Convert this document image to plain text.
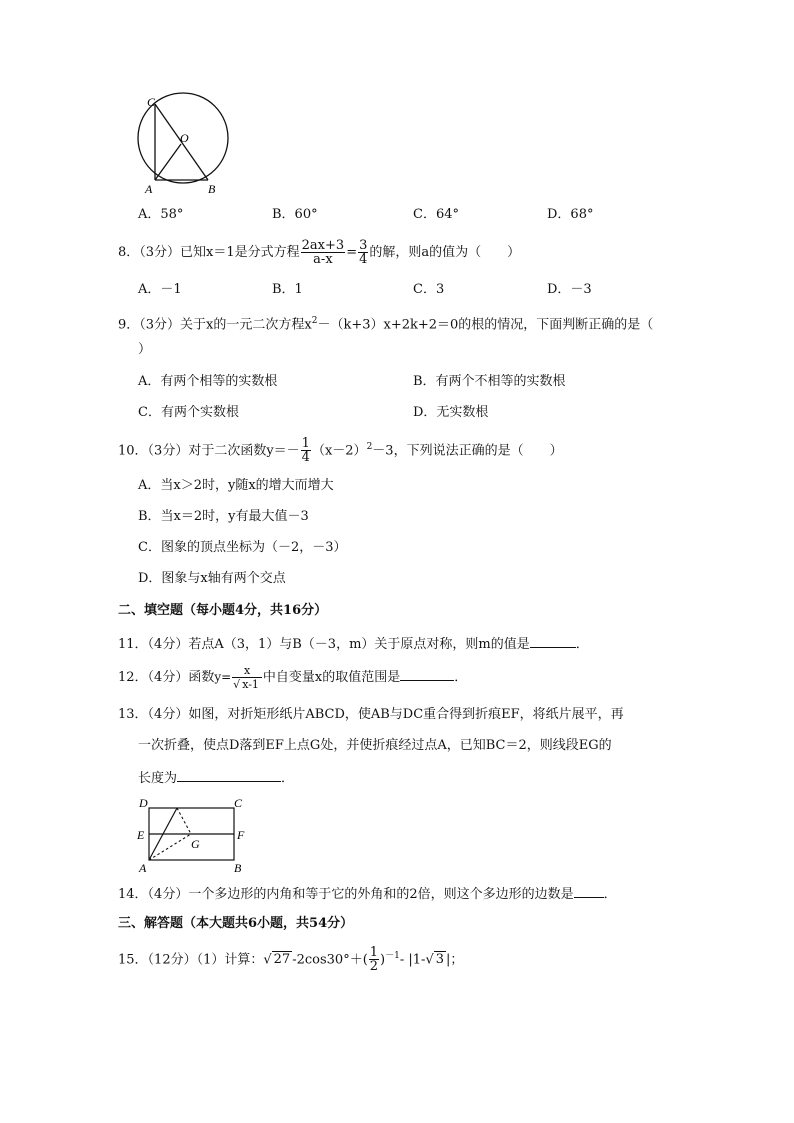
C
O
A	B
A．58°	B．60°	C．64°	D．68°
8．（3分）已知x＝1是分式方程 $\frac{2ax+3}{a-x} = \frac{3}{4}$ 的解，则a的值为（　　）
A．－1	B．1	C．3	D．－3
9．（3分）关于x的一元二次方程$x^2-(k+3)x+2k+2=0$的根的情况，下面判断正确的是（
）
A．有两个相等的实数根	B．有两个不相等的实数根
C．有两个实数根	D．无实数根
10．（3分）对于二次函数$y=- \frac{1}{4} (x-2)^2-3$，下列说法正确的是（　　）
A．当x＞2时，y随x的增大而增大
B．当x＝2时，y有最大值－3
C．图象的顶点坐标为（－2，－3）
D．图象与x轴有两个交点
二、填空题（每小题4分，共16分）
11．（4分）若点A（3，1）与B（－3，m）关于原点对称，则m的值是	．
12．（4分）函数$y= \frac{x}{√ x-1}$ 中自变量x的取值范围是	．
13．（4分）如图，对折矩形纸片ABCD，使AB与DC重合得到折痕EF，将纸片展平，再
一次折叠，使点D落到EF上点G处，并使折痕经过点A，已知BC＝2，则线段EG的
长度为	．
D	C
E	F
G
A	B
14．（4分）一个多边形的内角和等于它的外角和的2倍，则这个多边形的边数是 ．
三、解答题（本大题共6小题，共54分）
15．（12分）（1）计算：√ 27 $-2\cos 30^\circ+( \frac{1}{2} )^{-1}-$ |1-√ 3 |；
